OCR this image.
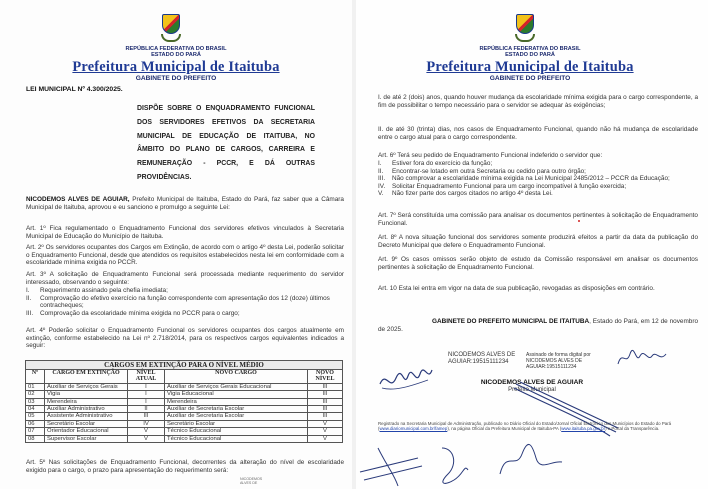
REPÚBLICA FEDERATIVA DO BRASIL
ESTADO DO PARÁ
Prefeitura Municipal de Itaituba
GABINETE DO PREFEITO
LEI MUNICIPAL Nº 4.300/2025.
DISPÕE SOBRE O ENQUADRAMENTO FUNCIONAL DOS SERVIDORES EFETIVOS DA SECRETARIA MUNICIPAL DE EDUCAÇÃO DE ITAITUBA, NO ÂMBITO DO PLANO DE CARGOS, CARREIRA E REMUNERAÇÃO - PCCR, E DÁ OUTRAS PROVIDÊNCIAS.
NICODEMOS ALVES DE AGUIAR, Prefeito Municipal de Itaituba, Estado do Pará, faz saber que a Câmara Municipal de Itaituba, aprovou e eu sanciono e promulgo a seguinte Lei:
Art. 1º Fica regulamentado o Enquadramento Funcional dos servidores efetivos vinculados à Secretaria Municipal de Educação do Município de Itaituba.
Art. 2º Os servidores ocupantes dos Cargos em Extinção, de acordo com o artigo 4º desta Lei, poderão solicitar o Enquadramento Funcional, desde que atendidos os requisitos estabelecidos nesta lei em conformidade com a escolaridade mínima exigida no PCCR.
Art. 3º A solicitação de Enquadramento Funcional será processada mediante requerimento do servidor interessado, observando o seguinte:
I.	Requerimento assinado pela chefia imediata;
II.	Comprovação do efetivo exercício na função correspondente com apresentação dos 12 (doze) últimos contracheques;
III.	Comprovação da escolaridade mínima exigida no PCCR para o cargo;
Art. 4º Poderão solicitar o Enquadramento Funcional os servidores ocupantes dos cargos atualmente em extinção, conforme estabelecido na Lei nº 2.718/2014, para os respectivos cargos equivalentes indicados a seguir:
CARGOS EM EXTINÇÃO PARA O NÍVEL MÉDIO
Nº	CARGO EM EXTINÇÃO	NÍVEL ATUAL	NOVO CARGO	NOVO NÍVEL
01	Auxiliar de Serviços Gerais	I	Auxiliar de Serviços Gerais Educacional	III
02	Vigia	I	Vigia Educacional	III
03	Merendeira	I	Merendeira	III
04	Auxiliar Administrativo	II	Auxiliar de Secretaria Escolar	III
05	Assistente Administrativo	III	Auxiliar de Secretaria Escolar	III
06	Secretário Escolar	IV	Secretário Escolar	V
07	Orientador Educacional	V	Técnico Educacional	V
08	Supervisor Escolar	V	Técnico Educacional	V
Art. 5º Nas solicitações de Enquadramento Funcional, decorrentes da alteração do nível de escolaridade exigido para o cargo, o prazo para apresentação do requerimento será:
NICODEMOS
ALVES DE
REPÚBLICA FEDERATIVA DO BRASIL
ESTADO DO PARÁ
Prefeitura Municipal de Itaituba
GABINETE DO PREFEITO
I. de até 2 (dois) anos, quando houver mudança da escolaridade mínima exigida para o cargo correspondente, a fim de possibilitar o tempo necessário para o servidor se adequar às exigências;
II. de até 30 (trinta) dias, nos casos de Enquadramento Funcional, quando não há mudança de escolaridade entre o cargo atual para o cargo correspondente.
Art. 6º Terá seu pedido de Enquadramento Funcional indeferido o servidor que:
I.	Estiver fora do exercício da função;
II.	Encontrar-se lotado em outra Secretaria ou cedido para outro órgão;
III.	Não comprovar a escolaridade mínima exigida na Lei Municipal 2485/2012 – PCCR da Educação;
IV.	Solicitar Enquadramento Funcional para um cargo incompatível à função exercida;
V.	Não fizer parte dos cargos citados no artigo 4º desta Lei.
Art. 7º Será constituída uma comissão para analisar os documentos pertinentes à solicitação de Enquadramento Funcional.
Art. 8º A nova situação funcional dos servidores somente produzirá efeitos a partir da data da publicação do Decreto Municipal que defere o Enquadramento Funcional.
Art. 9º Os casos omissos serão objeto de estudo da Comissão responsável em analisar os documentos pertinentes à solicitação de Enquadramento Funcional.
Art. 10 Esta lei entra em vigor na data de sua publicação, revogadas as disposições em contrário.
GABINETE DO PREFEITO MUNICIPAL DE ITAITUBA, Estado do Pará, em 12 de novembro de 2025.
NICODEMOS ALVES DE AGUIAR:19515111234
Assinado de forma digital por NICODEMOS ALVES DE AGUIAR:19515111234
NICODEMOS ALVES DE AGUIAR
Prefeito Municipal
Registrado na Secretaria Municipal de Administração, publicado no Diário Oficial do Estado/Jornal Oficial Eletrônico dos Municípios do Estado do Pará (www.diariomunicipal.com.br/famep), na página Oficial da Prefeitura Municipal de Itaituba-PA (www.itaituba.pa.gov.br) e Portal da Transparência.
